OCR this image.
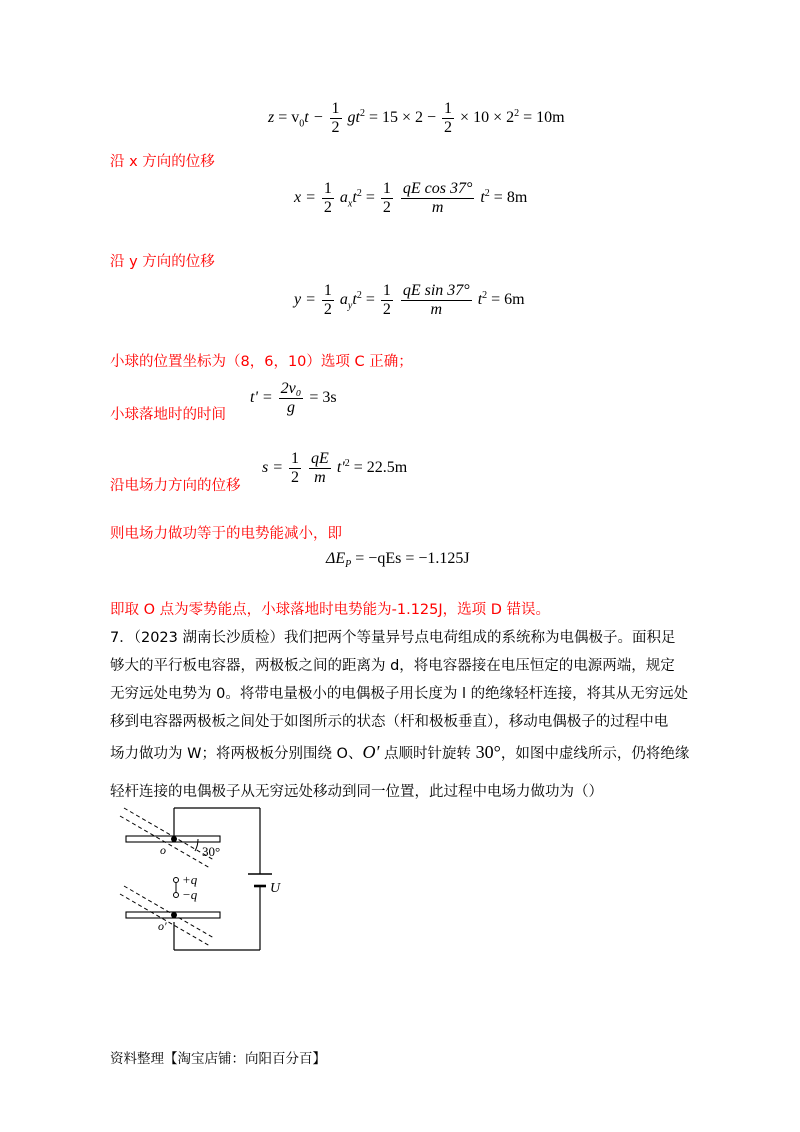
$z = v_0t - \frac{1}{2} gt^2 = 15 \times 2 - \frac{1}{2} \times 10 \times 2^2 = 10m$
沿 x 方向的位移
$x = \frac{1}{2} a_xt^2 = \frac{1}{2}$
$\frac{\text{qE cos 37°}}{m} t^2 = 8m$
沿 y 方向的位移
$y = \frac{1}{2} a_yt^2 = \frac{1}{2}$
$\frac{\text{qE sin 37°}}{m} t^2 = 6m$
小球的位置坐标为（8，6，10）选项 C 正确；
小球落地时的时间
$t' = \frac{\text{2v₀}}{g} = 3s$
沿电场力方向的位移
$s = \frac{1}{2}$
$\frac{qE}{m} t'^2 = 22.5m$
则电场力做功等于的电势能减小，即
$\Delta E_P = -qEs = -1.125J$
即取 O 点为零势能点，小球落地时电势能为-1.125J，选项 D 错误。
7．（2023 湖南长沙质检）我们把两个等量异号点电荷组成的系统称为电偶极子。面积足
够大的平行板电容器，两极板之间的距离为 d，将电容器接在电压恒定的电源两端，规定
无穷远处电势为 0。将带电量极小的电偶极子用长度为 l 的绝缘轻杆连接，将其从无穷远处
移到电容器两极板之间处于如图所示的状态（杆和极板垂直），移动电偶极子的过程中电
场力做功为 W；将两极板分别围绕 O、O′ 点顺时针旋转 30°，如图中虚线所示，仍将绝缘
轻杆连接的电偶极子从无穷远处移动到同一位置，此过程中电场力做功为（）
U
30°
o
o′
+q
−q
资料整理【淘宝店铺：向阳百分百】
